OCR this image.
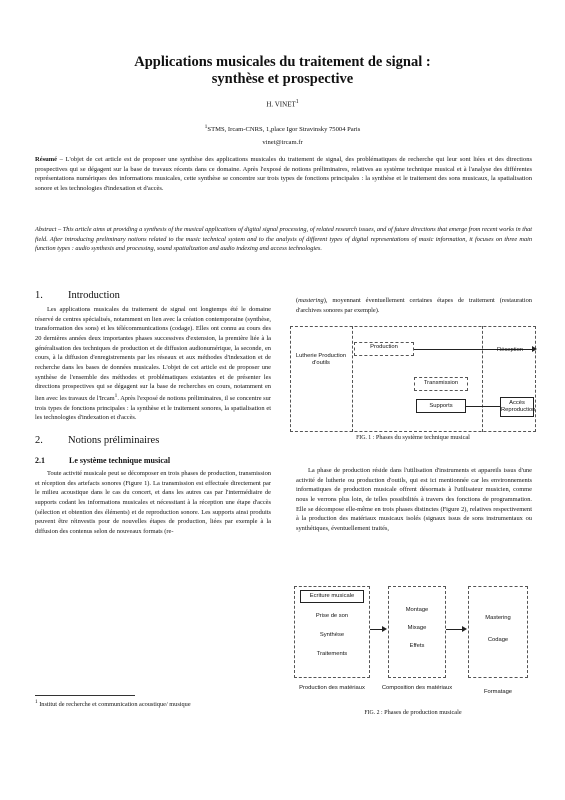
Applications musicales du traitement de signal :
synthèse et prospective
H. VINET$^1$
$^1$STMS, Ircam-CNRS, 1,place Igor Stravinsky 75004 Paris
vinet@ircam.fr
Résumé – L'objet de cet article est de proposer une synthèse des applications musicales du traitement de signal, des problématiques de recherche qui leur sont liées et des directions prospectives qui se dégagent sur la base de travaux récents dans ce domaine. Après l'exposé de notions préliminaires, relatives au système technique musical et à l'analyse des différentes représentations numériques des informations musicales, cette synthèse se concentre sur trois types de fonctions principales : la synthèse et le traitement des sons musicaux, la spatialisation sonore et les technologies d'indexation et d'accès.
Abstract – This article aims at providing a synthesis of the musical applications of digital signal processing, of related research issues, and of future directions that emerge from recent works in that field. After introducing preliminary notions related to the music technical system and to the analysis of different types of digital representations of music information, it focuses on three main function types : audio synthesis and processing, sound spatialization and audio indexing and access technologies.
1. Introduction
Les applications musicales du traitement de signal ont longtemps été le domaine réservé de centres spécialisés, notamment en lien avec la création contemporaine (synthèse, transformation des sons) et les télécommunications (codage). Elles ont connu au cours des 20 dernières années deux importantes phases successives d'extension, la première liée à la généralisation des techniques de production et de diffusion audionumérique, la seconde, en cours, à la diffusion d'enregistrements par les réseaux et aux méthodes d'indexation et de recherche dans les bases de données musicales. L'objet de cet article est de proposer une synthèse de l'ensemble des méthodes et problématiques existantes et de présenter les directions prospectives qui se dégagent sur la base de recherches en cours, notamment en lien avec les travaux de l'Ircam$^1$. Après l'exposé de notions préliminaires, il se concentre sur trois types de fonctions principales : la synthèse et le traitement sonores, la spatialisation et les technologies d'indexation et d'accès.
2. Notions préliminaires
2.1	Le système technique musical
Toute activité musicale peut se décomposer en trois phases de production, transmission et réception des artefacts sonores (Figure 1). La transmission est effectuée directement par le milieu acoustique dans le cas du concert, et dans les autres cas par l'intermédiaire de supports codant les informations musicales et nécessitant à la réception une étape d'accès (sélection et obtention des éléments) et de reproduction sonore. Les supports ainsi produits peuvent être réinvestis pour de nouvelles étapes de production, liées par exemple à la diffusion des contenus selon de nouveaux formats (re-
$^1$ Institut de recherche et communication acoustique/ musique
(mastering), moyennant éventuellement certaines étapes de traitement (restauration d'archives sonores par exemple).
Lutherie Production d'outils
Production	Réception
Transmission
Supports	Accès Reproduction
FIG. 1 : Phases du système technique musical
La phase de production réside dans l'utilisation d'instruments et appareils issus d'une activité de lutherie ou production d'outils, qui est ici mentionnée car les environnements informatiques de production musicale offrent désormais à l'utilisateur musicien, comme nous le verrons plus loin, de telles possibilités à travers des fonctions de programmation. Elle se décompose elle-même en trois phases distinctes (Figure 2), relatives respectivement à la production des matériaux musicaux isolés (signaux issus de sons instrumentaux ou synthétiques, éventuellement traités,
Ecriture musicale
Prise de son
Synthèse
Traitements
Montage
Mixage
Effets
Mastering
Codage
Production des matériaux	Composition des matériaux
Formatage
FIG. 2 : Phases de production musicale
